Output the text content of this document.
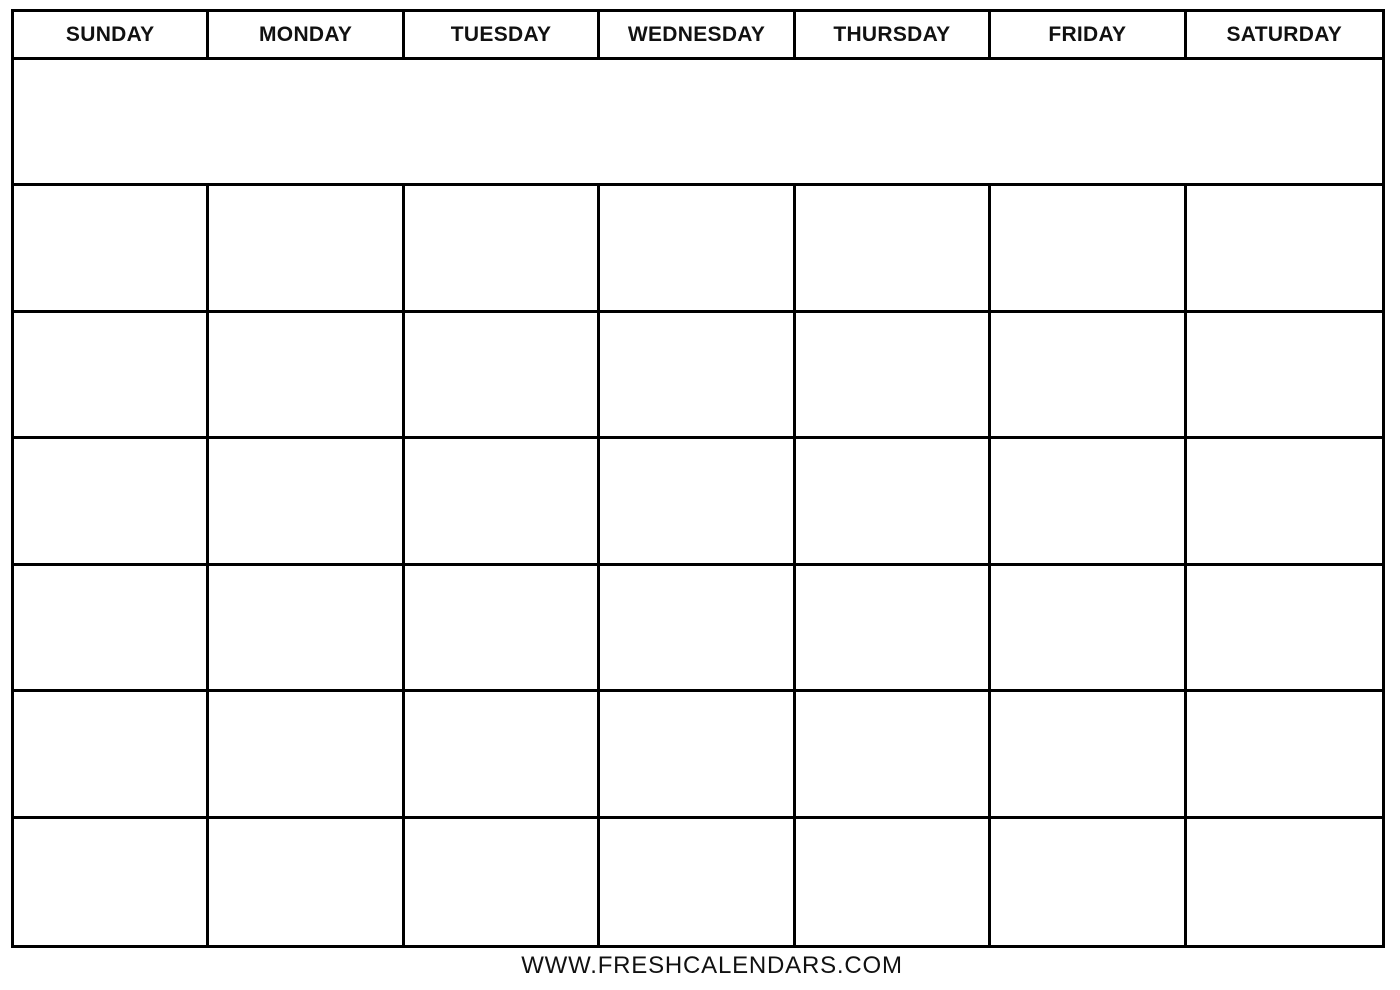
SUNDAY	MONDAY	TUESDAY	WEDNESDAY	THURSDAY	FRIDAY	SATURDAY
WWW.FRESHCALENDARS.COM
